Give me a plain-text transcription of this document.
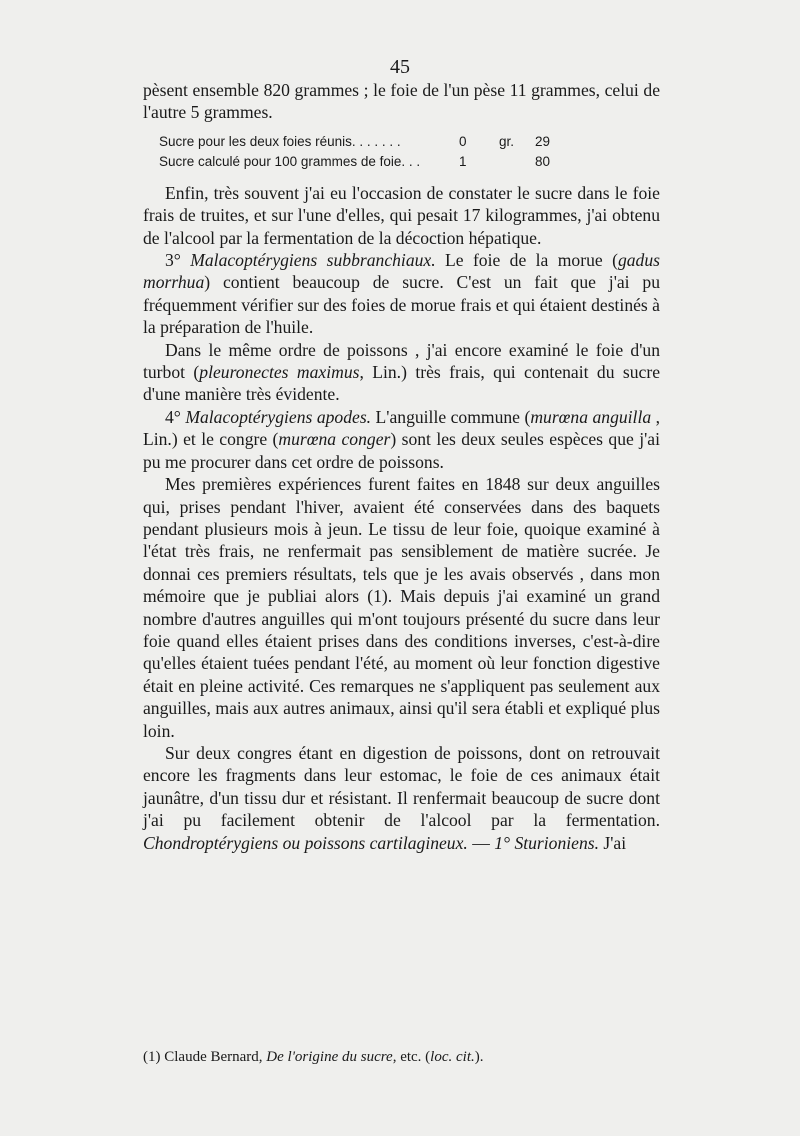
45

pèsent ensemble 820 grammes ; le foie de l'un pèse 11 grammes, celui de l'autre 5 grammes.

Sucre pour les deux foies réunis. . . . . . .	0	gr.	29
Sucre calculé pour 100 grammes de foie. . .	1		80

Enfin, très souvent j'ai eu l'occasion de constater le sucre dans le foie frais de truites, et sur l'une d'elles, qui pesait 17 kilogrammes, j'ai obtenu de l'alcool par la fermentation de la décoction hépatique.

3° Malacoptérygiens subbranchiaux. Le foie de la morue (gadus morrhua) contient beaucoup de sucre. C'est un fait que j'ai pu fréquemment vérifier sur des foies de morue frais et qui étaient destinés à la préparation de l'huile.

Dans le même ordre de poissons , j'ai encore examiné le foie d'un turbot (pleuronectes maximus, Lin.) très frais, qui contenait du sucre d'une manière très évidente.

4° Malacoptérygiens apodes. L'anguille commune (murœna anguilla , Lin.) et le congre (murœna conger) sont les deux seules espèces que j'ai pu me procurer dans cet ordre de poissons.

Mes premières expériences furent faites en 1848 sur deux anguilles qui, prises pendant l'hiver, avaient été conservées dans des baquets pendant plusieurs mois à jeun. Le tissu de leur foie, quoique examiné à l'état très frais, ne renfermait pas sensiblement de matière sucrée. Je donnai ces premiers résultats, tels que je les avais observés , dans mon mémoire que je publiai alors (1). Mais depuis j'ai examiné un grand nombre d'autres anguilles qui m'ont toujours présenté du sucre dans leur foie quand elles étaient prises dans des conditions inverses, c'est-à-dire qu'elles étaient tuées pendant l'été, au moment où leur fonction digestive était en pleine activité. Ces remarques ne s'appliquent pas seulement aux anguilles, mais aux autres animaux, ainsi qu'il sera établi et expliqué plus loin.

Sur deux congres étant en digestion de poissons, dont on retrouvait encore les fragments dans leur estomac, le foie de ces animaux était jaunâtre, d'un tissu dur et résistant. Il renfermait beaucoup de sucre dont j'ai pu facilement obtenir de l'alcool par la fermentation. Chondroptérygiens ou poissons cartilagineux. — 1° Sturioniens. J'ai

(1) Claude Bernard, De l'origine du sucre, etc. (loc. cit.).
